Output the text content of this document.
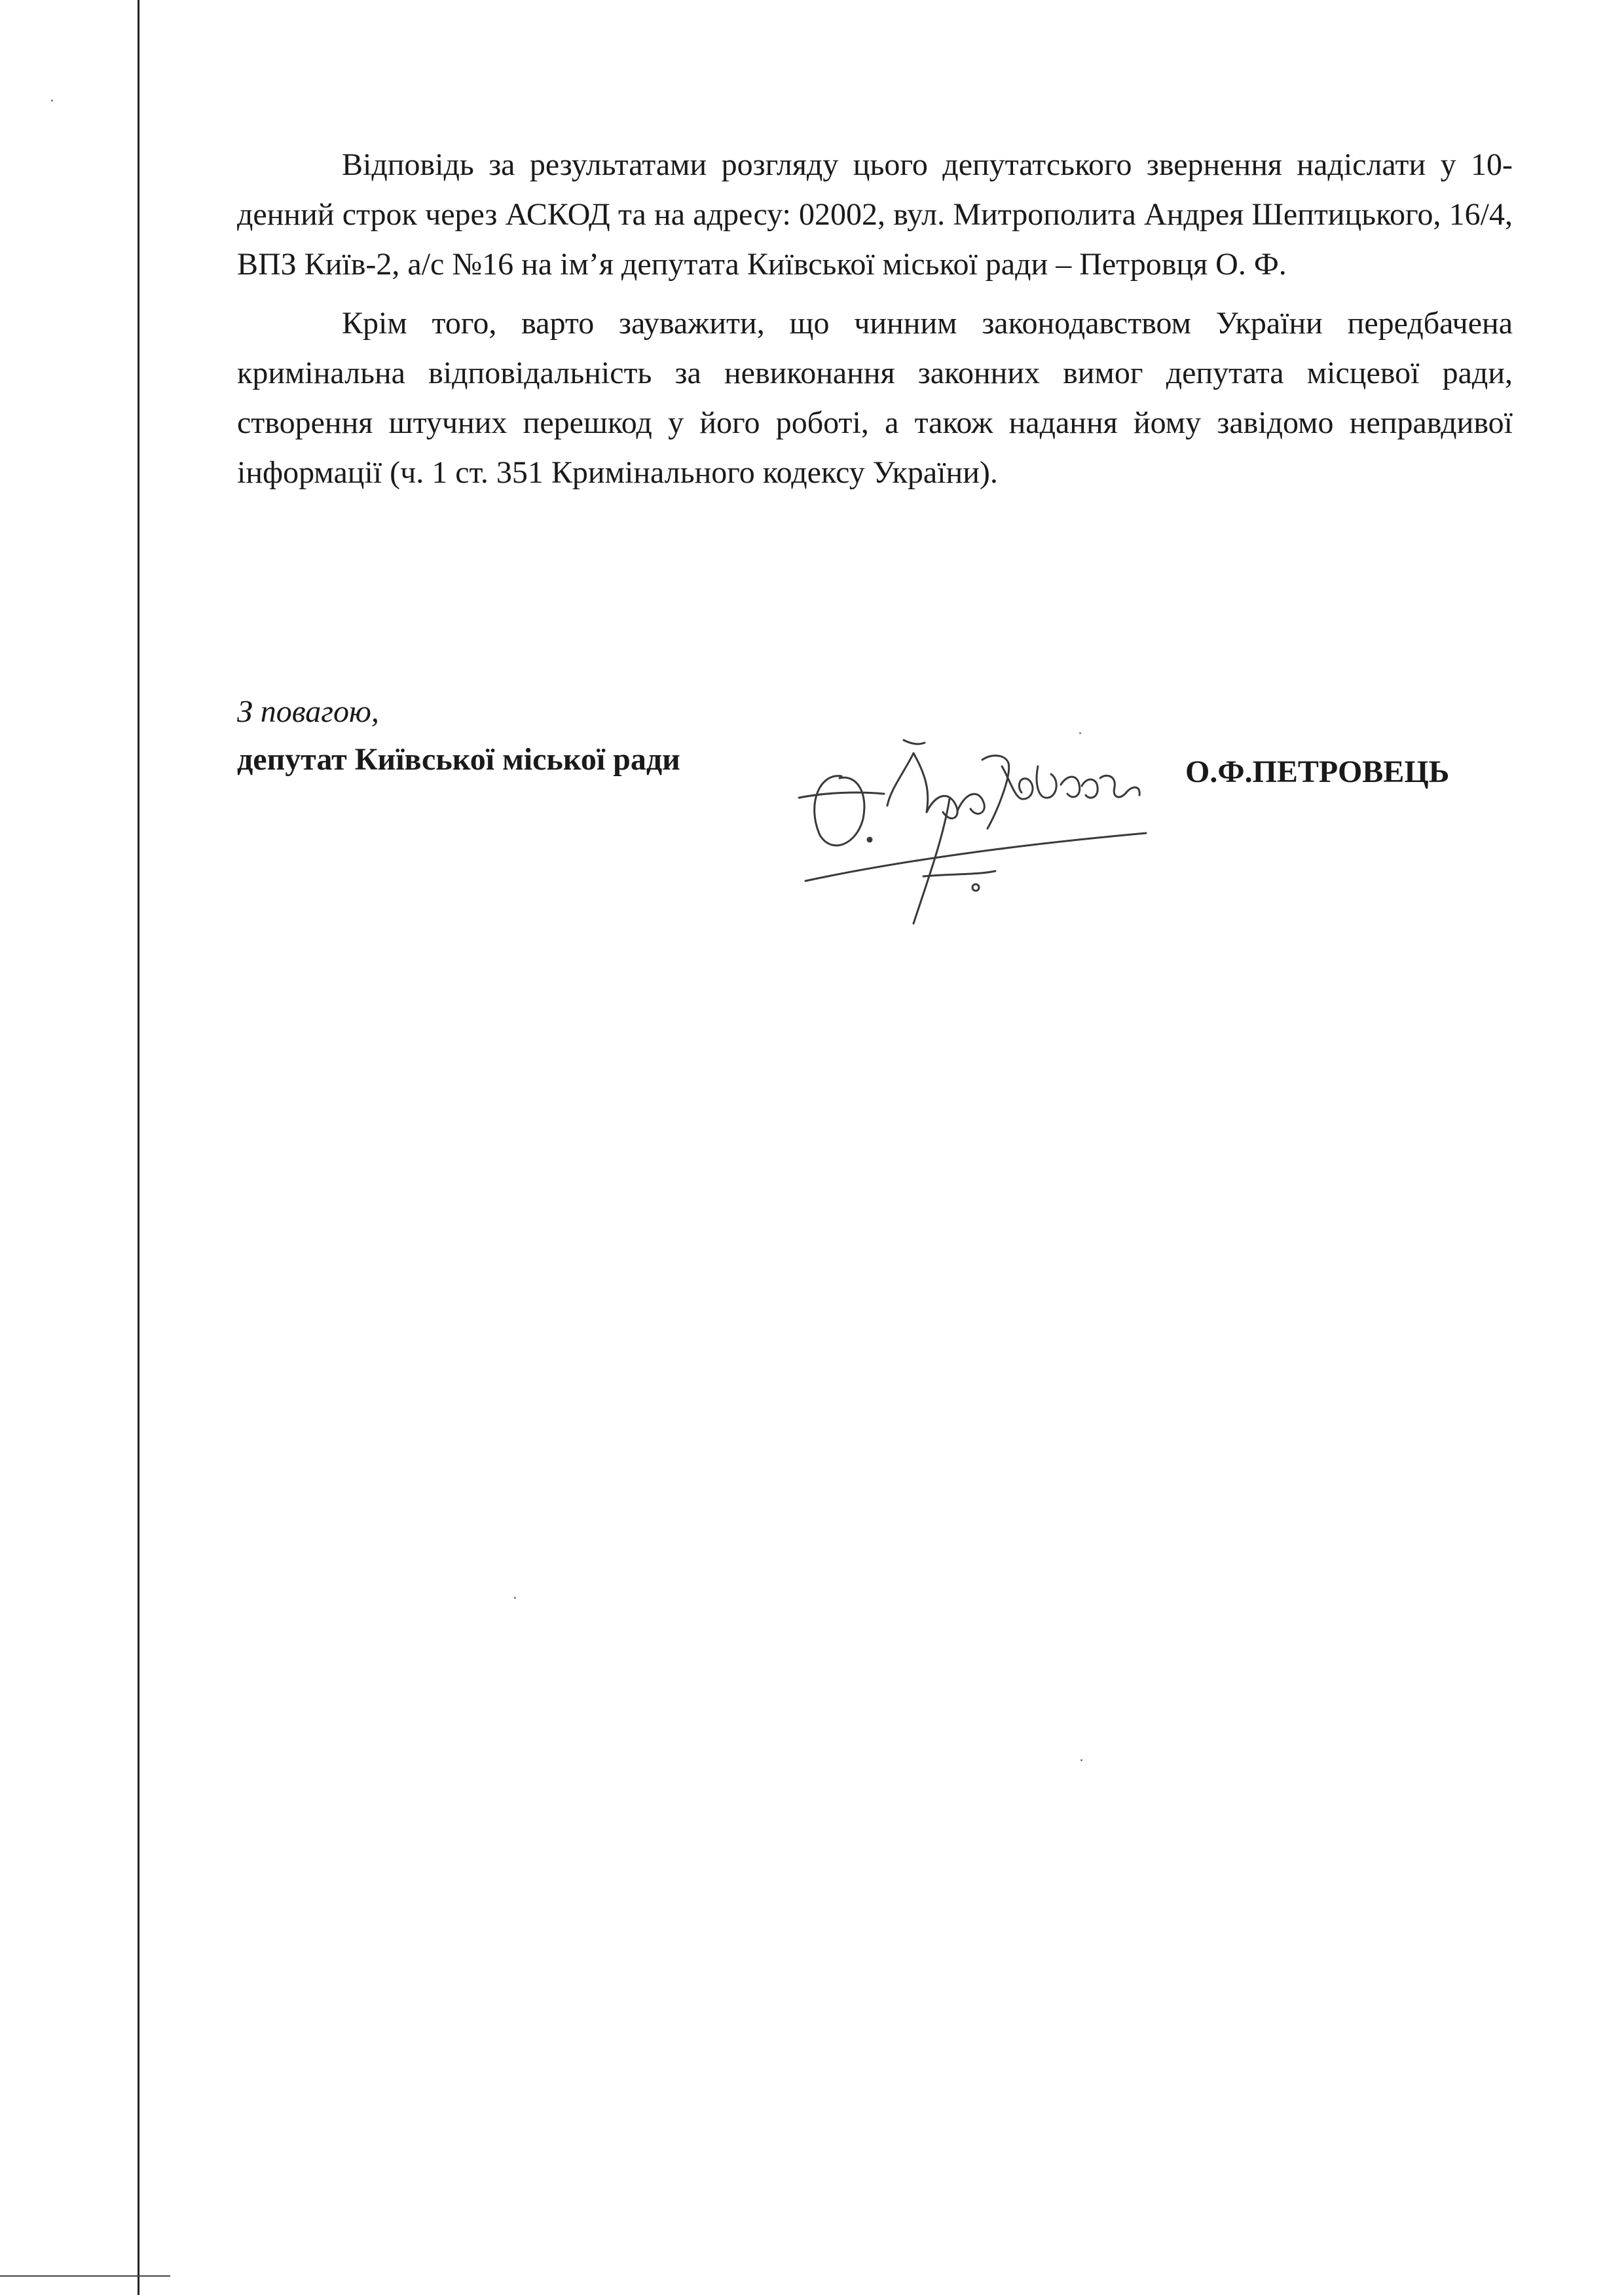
Відповідь за результатами розгляду цього депутатського звернення надіслати у 10-денний строк через АСКОД та на адресу: 02002, вул. Митрополита Андрея Шептицького, 16/4, ВПЗ Київ-2, а/с №16 на ім’я депутата Київської міської ради – Петровця О. Ф.

Крім того, варто зауважити, що чинним законодавством України передбачена кримінальна відповідальність за невиконання законних вимог депутата місцевої ради, створення штучних перешкод у його роботі, а також надання йому завідомо неправдивої інформації (ч. 1 ст. 351 Кримінального кодексу України).

З повагою,
депутат Київської міської ради	О.Ф.ПЕТРОВЕЦЬ
